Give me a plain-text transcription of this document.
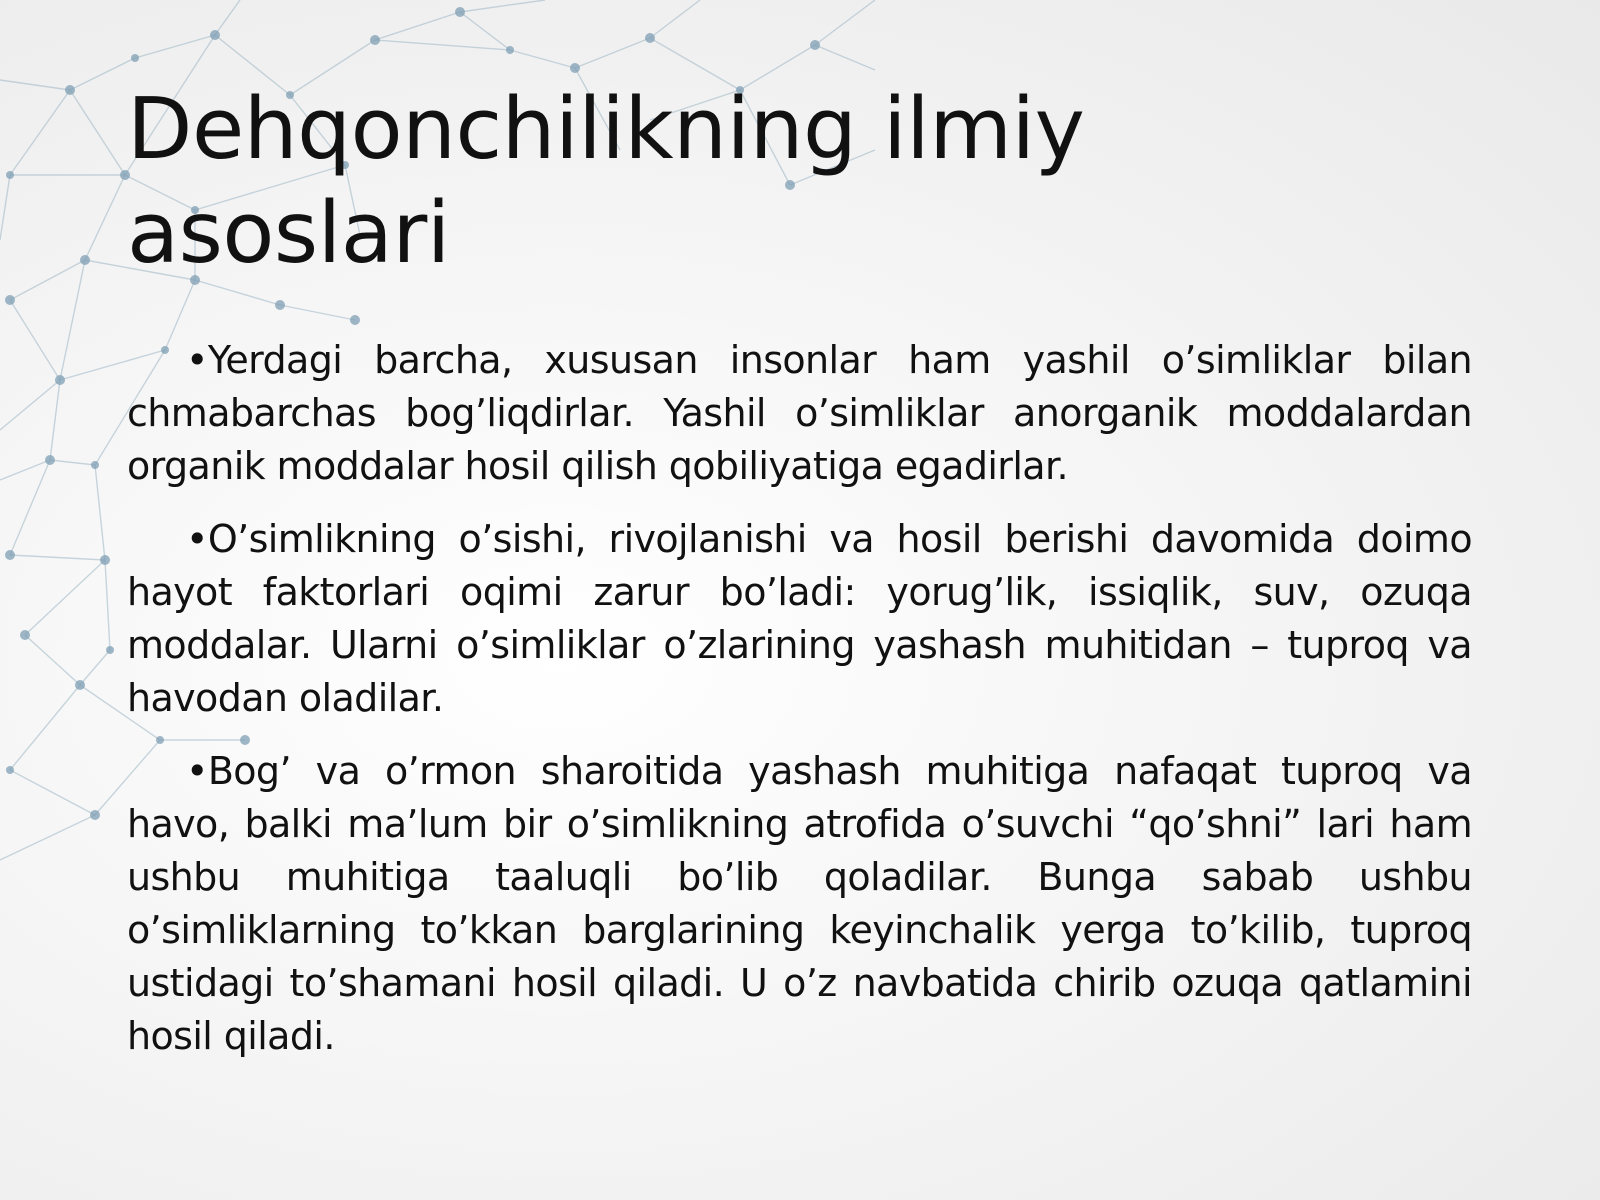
Dehqonchilikning ilmiy asoslari

•Yerdagi barcha, xususan insonlar ham yashil o’simliklar bilan chmabarchas bog’liqdirlar. Yashil o’simliklar anorganik moddalardan organik moddalar hosil qilish qobiliyatiga egadirlar.

•O’simlikning o’sishi, rivojlanishi va hosil berishi davomida doimo hayot faktorlari oqimi zarur bo’ladi: yorug’lik, issiqlik, suv, ozuqa moddalar. Ularni o’simliklar o’zlarining yashash muhitidan – tuproq va havodan oladilar.

•Bog’ va o’rmon sharoitida yashash muhitiga nafaqat tuproq va havo, balki ma’lum bir o’simlikning atrofida o’suvchi “qo’shni” lari ham ushbu muhitiga taaluqli bo’lib qoladilar. Bunga sabab ushbu o’simliklarning to’kkan barglarining keyinchalik yerga to’kilib, tuproq ustidagi to’shamani hosil qiladi. U o’z navbatida chirib ozuqa qatlamini hosil qiladi.
